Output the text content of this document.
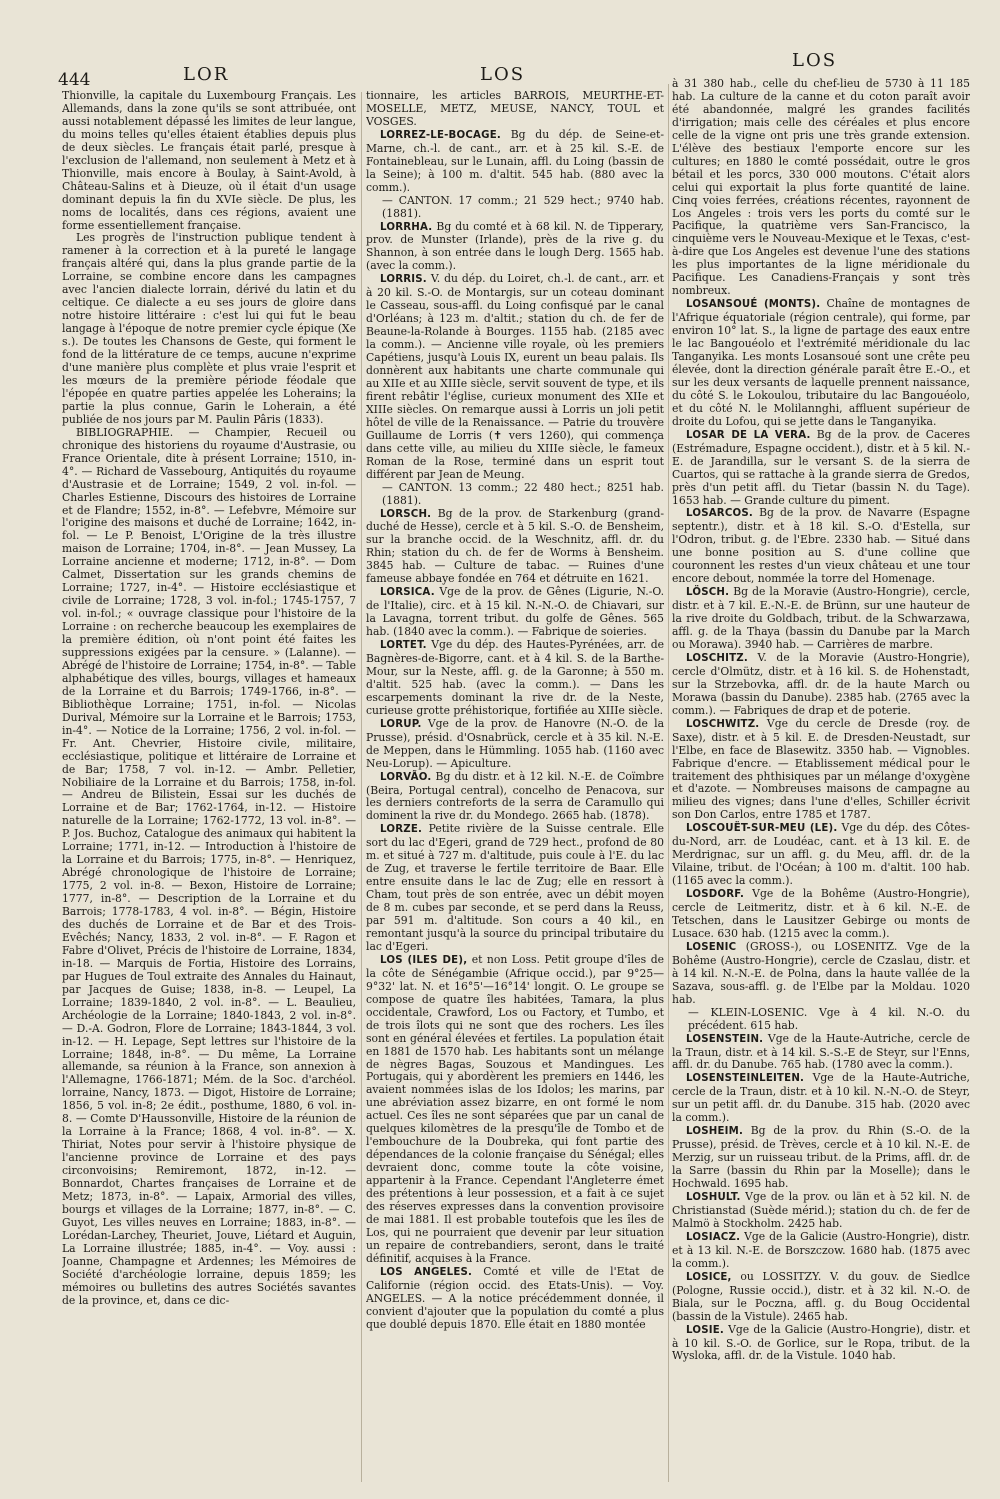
444	LOR	LOS
LOS

Thionville, la capitale du Luxembourg Français. Les Allemands, dans la zone qu'ils se sont attribuée, ont aussi notablement dépassé les limites de leur langue, du moins telles qu'elles étaient établies depuis plus de deux siècles. Le français était parlé, presque à l'exclusion de l'allemand, non seulement à Metz et à Thionville, mais encore à Boulay, à Saint-Avold, à Château-Salins et à Dieuze, où il était d'un usage dominant depuis la fin du XVIe siècle. De plus, les noms de localités, dans ces régions, avaient une forme essentiellement française.

Les progrès de l'instruction publique tendent à ramener à la correction et à la pureté le langage français altéré qui, dans la plus grande partie de la Lorraine, se combine encore dans les campagnes avec l'ancien dialecte lorrain, dérivé du latin et du celtique. Ce dialecte a eu ses jours de gloire dans notre histoire littéraire : c'est lui qui fut le beau langage à l'époque de notre premier cycle épique (Xe s.). De toutes les Chansons de Geste, qui forment le fond de la littérature de ce temps, aucune n'exprime d'une manière plus complète et plus vraie l'esprit et les mœurs de la première période féodale que l'épopée en quatre parties appelée les Loherains; la partie la plus connue, Garin le Loherain, a été publiée de nos jours par M. Paulin Pâris (1833).

BIBLIOGRAPHIE. — Champier, Recueil ou chronique des historiens du royaume d'Austrasie, ou France Orientale, dite à présent Lorraine; 1510, in-4°. — Richard de Vassebourg, Antiquités du royaume d'Austrasie et de Lorraine; 1549, 2 vol. in-fol. — Charles Estienne, Discours des histoires de Lorraine et de Flandre; 1552, in-8°. — Lefebvre, Mémoire sur l'origine des maisons et duché de Lorraine; 1642, in-fol. — Le P. Benoist, L'Origine de la très illustre maison de Lorraine; 1704, in-8°. — Jean Mussey, La Lorraine ancienne et moderne; 1712, in-8°. — Dom Calmet, Dissertation sur les grands chemins de Lorraine; 1727, in-4°. — Histoire ecclésiastique et civile de Lorraine; 1728, 3 vol. in-fol.; 1745-1757, 7 vol. in-fol.; « ouvrage classique pour l'histoire de la Lorraine : on recherche beaucoup les exemplaires de la première édition, où n'ont point été faites les suppressions exigées par la censure. » (Lalanne). — Abrégé de l'histoire de Lorraine; 1754, in-8°. — Table alphabétique des villes, bourgs, villages et hameaux de la Lorraine et du Barrois; 1749-1766, in-8°. — Bibliothèque Lorraine; 1751, in-fol. — Nicolas Durival, Mémoire sur la Lorraine et le Barrois; 1753, in-4°. — Notice de la Lorraine; 1756, 2 vol. in-fol. — Fr. Ant. Chevrier, Histoire civile, militaire, ecclésiastique, politique et littéraire de Lorraine et de Bar; 1758, 7 vol. in-12. — Ambr. Pelletier, Nobiliaire de la Lorraine et du Barrois; 1758, in-fol. — Andreu de Bilistein, Essai sur les duchés de Lorraine et de Bar; 1762-1764, in-12. — Histoire naturelle de la Lorraine; 1762-1772, 13 vol. in-8°. — P. Jos. Buchoz, Catalogue des animaux qui habitent la Lorraine; 1771, in-12. — Introduction à l'histoire de la Lorraine et du Barrois; 1775, in-8°. — Henriquez, Abrégé chronologique de l'histoire de Lorraine; 1775, 2 vol. in-8. — Bexon, Histoire de Lorraine; 1777, in-8°. — Description de la Lorraine et du Barrois; 1778-1783, 4 vol. in-8°. — Bégin, Histoire des duchés de Lorraine et de Bar et des Trois-Evêchés; Nancy, 1833, 2 vol. in-8°. — F. Ragon et Fabre d'Olivet, Précis de l'histoire de Lorraine, 1834, in-18. — Marquis de Fortia, Histoire des Lorrains, par Hugues de Toul extraite des Annales du Hainaut, par Jacques de Guise; 1838, in-8. — Leupel, La Lorraine; 1839-1840, 2 vol. in-8°. — L. Beaulieu, Archéologie de la Lorraine; 1840-1843, 2 vol. in-8°. — D.-A. Godron, Flore de Lorraine; 1843-1844, 3 vol. in-12. — H. Lepage, Sept lettres sur l'histoire de la Lorraine; 1848, in-8°. — Du même, La Lorraine allemande, sa réunion à la France, son annexion à l'Allemagne, 1766-1871; Mém. de la Soc. d'archéol. lorraine, Nancy, 1873. — Digot, Histoire de Lorraine; 1856, 5 vol. in-8; 2e édit., posthume, 1880, 6 vol. in-8. — Comte D'Haussonville, Histoire de la réunion de la Lorraine à la France; 1868, 4 vol. in-8°. — X. Thiriat, Notes pour servir à l'histoire physique de l'ancienne province de Lorraine et des pays circonvoisins; Remiremont, 1872, in-12. — Bonnardot, Chartes françaises de Lorraine et de Metz; 1873, in-8°. — Lapaix, Armorial des villes, bourgs et villages de la Lorraine; 1877, in-8°. — C. Guyot, Les villes neuves en Lorraine; 1883, in-8°. — Lorédan-Larchey, Theuriet, Jouve, Liétard et Auguin, La Lorraine illustrée; 1885, in-4°. — Voy. aussi : Joanne, Champagne et Ardennes; les Mémoires de Société d'archéologie lorraine, depuis 1859; les mémoires ou bulletins des autres Sociétés savantes de la province, et, dans ce dic-

tionnaire, les articles BARROIS, MEURTHE-ET-MOSELLE, METZ, MEUSE, NANCY, TOUL et VOSGES.

LORREZ-LE-BOCAGE. Bg du dép. de Seine-et-Marne, ch.-l. de cant., arr. et à 25 kil. S.-E. de Fontainebleau, sur le Lunain, affl. du Loing (bassin de la Seine); à 100 m. d'altit. 545 hab. (880 avec la comm.).

— CANTON. 17 comm.; 21 529 hect.; 9740 hab. (1881).

LORRHA. Bg du comté et à 68 kil. N. de Tipperary, prov. de Munster (Irlande), près de la rive g. du Shannon, à son entrée dans le lough Derg. 1565 hab. (avec la comm.).

LORRIS. V. du dép. du Loiret, ch.-l. de cant., arr. et à 20 kil. S.-O. de Montargis, sur un coteau dominant le Casseau, sous-affl. du Loing confisqué par le canal d'Orléans; à 123 m. d'altit.; station du ch. de fer de Beaune-la-Rolande à Bourges. 1155 hab. (2185 avec la comm.). — Ancienne ville royale, où les premiers Capétiens, jusqu'à Louis IX, eurent un beau palais. Ils donnèrent aux habitants une charte communale qui au XIIe et au XIIIe siècle, servit souvent de type, et ils firent rebâtir l'église, curieux monument des XIIe et XIIIe siècles. On remarque aussi à Lorris un joli petit hôtel de ville de la Renaissance. — Patrie du trouvère Guillaume de Lorris (✝ vers 1260), qui commença dans cette ville, au milieu du XIIIe siècle, le fameux Roman de la Rose, terminé dans un esprit tout différent par Jean de Meung.

— CANTON. 13 comm.; 22 480 hect.; 8251 hab. (1881).

LORSCH. Bg de la prov. de Starkenburg (grand-duché de Hesse), cercle et à 5 kil. S.-O. de Bensheim, sur la branche occid. de la Weschnitz, affl. dr. du Rhin; station du ch. de fer de Worms à Bensheim. 3845 hab. — Culture de tabac. — Ruines d'une fameuse abbaye fondée en 764 et détruite en 1621.

LORSICA. Vge de la prov. de Gênes (Ligurie, N.-O. de l'Italie), circ. et à 15 kil. N.-N.-O. de Chiavari, sur la Lavagna, torrent tribut. du golfe de Gênes. 565 hab. (1840 avec la comm.). — Fabrique de soieries.

LORTET. Vge du dép. des Hautes-Pyrénées, arr. de Bagnères-de-Bigorre, cant. et à 4 kil. S. de la Barthe-Mour, sur la Neste, affl. g. de la Garonne; à 550 m. d'altit. 525 hab. (avec la comm.). — Dans les escarpements dominant la rive dr. de la Neste, curieuse grotte préhistorique, fortifiée au XIIIe siècle.

LORUP. Vge de la prov. de Hanovre (N.-O. de la Prusse), présid. d'Osnabrück, cercle et à 35 kil. N.-E. de Meppen, dans le Hümmling. 1055 hab. (1160 avec Neu-Lorup). — Apiculture.

LORVÃO. Bg du distr. et à 12 kil. N.-E. de Coïmbre (Beira, Portugal central), concelho de Penacova, sur les derniers contreforts de la serra de Caramullo qui dominent la rive dr. du Mondego. 2665 hab. (1878).

LORZE. Petite rivière de la Suisse centrale. Elle sort du lac d'Egeri, grand de 729 hect., profond de 80 m. et situé à 727 m. d'altitude, puis coule à l'E. du lac de Zug, et traverse le fertile territoire de Baar. Elle entre ensuite dans le lac de Zug; elle en ressort à Cham, tout près de son entrée, avec un débit moyen de 8 m. cubes par seconde, et se perd dans la Reuss, par 591 m. d'altitude. Son cours a 40 kil., en remontant jusqu'à la source du principal tributaire du lac d'Egeri.

LOS (ILES DE), et non Loss. Petit groupe d'îles de la côte de Sénégambie (Afrique occid.), par 9°25—9°32' lat. N. et 16°5'—16°14' longit. O. Le groupe se compose de quatre îles habitées, Tamara, la plus occidentale, Crawford, Los ou Factory, et Tumbo, et de trois îlots qui ne sont que des rochers. Les îles sont en général élevées et fertiles. La population était en 1881 de 1570 hab. Les habitants sont un mélange de nègres Bagas, Souzous et Mandingues. Les Portugais, qui y abordèrent les premiers en 1446, les avaient nommées islas de los Idolos; les marins, par une abréviation assez bizarre, en ont formé le nom actuel. Ces îles ne sont séparées que par un canal de quelques kilomètres de la presqu'île de Tombo et de l'embouchure de la Doubreka, qui font partie des dépendances de la colonie française du Sénégal; elles devraient donc, comme toute la côte voisine, appartenir à la France. Cependant l'Angleterre émet des prétentions à leur possession, et a fait à ce sujet des réserves expresses dans la convention provisoire de mai 1881. Il est probable toutefois que les îles de Los, qui ne pourraient que devenir par leur situation un repaire de contrebandiers, seront, dans le traité définitif, acquises à la France.

LOS ANGELES. Comté et ville de l'Etat de Californie (région occid. des Etats-Unis). — Voy. ANGELES. — A la notice précédemment donnée, il convient d'ajouter que la population du comté a plus que doublé depuis 1870. Elle était en 1880 montée

à 31 380 hab., celle du chef-lieu de 5730 à 11 185 hab. La culture de la canne et du coton paraît avoir été abandonnée, malgré les grandes facilités d'irrigation; mais celle des céréales et plus encore celle de la vigne ont pris une très grande extension. L'élève des bestiaux l'emporte encore sur les cultures; en 1880 le comté possédait, outre le gros bétail et les porcs, 330 000 moutons. C'était alors celui qui exportait la plus forte quantité de laine. Cinq voies ferrées, créations récentes, rayonnent de Los Angeles : trois vers les ports du comté sur le Pacifique, la quatrième vers San-Francisco, la cinquième vers le Nouveau-Mexique et le Texas, c'est-à-dire que Los Angeles est devenue l'une des stations les plus importantes de la ligne méridionale du Pacifique. Les Canadiens-Français y sont très nombreux.

LOSANSOUÉ (MONTS). Chaîne de montagnes de l'Afrique équatoriale (région centrale), qui forme, par environ 10° lat. S., la ligne de partage des eaux entre le lac Bangouéolo et l'extrémité méridionale du lac Tanganyika. Les monts Losansoué sont une crête peu élevée, dont la direction générale paraît être E.-O., et sur les deux versants de laquelle prennent naissance, du côté S. le Lokoulou, tributaire du lac Bangouéolo, et du côté N. le Molilannghi, affluent supérieur de droite du Lofou, qui se jette dans le Tanganyika.

LOSAR DE LA VERA. Bg de la prov. de Caceres (Estrémadure, Espagne occident.), distr. et à 5 kil. N.-E. de Jarandilla, sur le versant S. de la sierra de Cuartos, qui se rattache à la grande sierra de Gredos, près d'un petit affl. du Tietar (bassin N. du Tage). 1653 hab. — Grande culture du piment.

LOSARCOS. Bg de la prov. de Navarre (Espagne septentr.), distr. et à 18 kil. S.-O. d'Estella, sur l'Odron, tribut. g. de l'Ebre. 2330 hab. — Situé dans une bonne position au S. d'une colline que couronnent les restes d'un vieux château et une tour encore debout, nommée la torre del Homenage.

LÖSCH. Bg de la Moravie (Austro-Hongrie), cercle, distr. et à 7 kil. E.-N.-E. de Brünn, sur une hauteur de la rive droite du Goldbach, tribut. de la Schwarzawa, affl. g. de la Thaya (bassin du Danube par la March ou Morawa). 3940 hab. — Carrières de marbre.

LOSCHITZ. V. de la Moravie (Austro-Hongrie), cercle d'Olmütz, distr. et à 16 kil. S. de Hohenstadt, sur la Strzebovka, affl. dr. de la haute March ou Morawa (bassin du Danube). 2385 hab. (2765 avec la comm.). — Fabriques de drap et de poterie.

LOSCHWITZ. Vge du cercle de Dresde (roy. de Saxe), distr. et à 5 kil. E. de Dresden-Neustadt, sur l'Elbe, en face de Blasewitz. 3350 hab. — Vignobles. Fabrique d'encre. — Etablissement médical pour le traitement des phthisiques par un mélange d'oxygène et d'azote. — Nombreuses maisons de campagne au milieu des vignes; dans l'une d'elles, Schiller écrivit son Don Carlos, entre 1785 et 1787.

LOSCOUËT-SUR-MEU (LE). Vge du dép. des Côtes-du-Nord, arr. de Loudéac, cant. et à 13 kil. E. de Merdrignac, sur un affl. g. du Meu, affl. dr. de la Vilaine, tribut. de l'Océan; à 100 m. d'altit. 100 hab. (1165 avec la comm.).

LOSDORF. Vge de la Bohême (Austro-Hongrie), cercle de Leitmeritz, distr. et à 6 kil. N.-E. de Tetschen, dans le Lausitzer Gebirge ou monts de Lusace. 630 hab. (1215 avec la comm.).

LOSENIC (GROSS-), ou LOSENITZ. Vge de la Bohême (Austro-Hongrie), cercle de Czaslau, distr. et à 14 kil. N.-N.-E. de Polna, dans la haute vallée de la Sazava, sous-affl. g. de l'Elbe par la Moldau. 1020 hab.

— KLEIN-LOSENIC. Vge à 4 kil. N.-O. du précédent. 615 hab.

LOSENSTEIN. Vge de la Haute-Autriche, cercle de la Traun, distr. et à 14 kil. S.-S.-E de Steyr, sur l'Enns, affl. dr. du Danube. 765 hab. (1780 avec la comm.).

LOSENSTEINLEITEN. Vge de la Haute-Autriche, cercle de la Traun, distr. et à 10 kil. N.-N.-O. de Steyr, sur un petit affl. dr. du Danube. 315 hab. (2020 avec la comm.).

LOSHEIM. Bg de la prov. du Rhin (S.-O. de la Prusse), présid. de Trèves, cercle et à 10 kil. N.-E. de Merzig, sur un ruisseau tribut. de la Prims, affl. dr. de la Sarre (bassin du Rhin par la Moselle); dans le Hochwald. 1695 hab.

LOSHULT. Vge de la prov. ou län et à 52 kil. N. de Christianstad (Suède mérid.); station du ch. de fer de Malmö à Stockholm. 2425 hab.

LOSIACZ. Vge de la Galicie (Austro-Hongrie), distr. et à 13 kil. N.-E. de Borszczow. 1680 hab. (1875 avec la comm.).

LOSICE, ou LOSSITZY. V. du gouv. de Siedlce (Pologne, Russie occid.), distr. et à 32 kil. N.-O. de Biala, sur le Poczna, affl. g. du Boug Occidental (bassin de la Vistule). 2465 hab.

LOSIE. Vge de la Galicie (Austro-Hongrie), distr. et à 10 kil. S.-O. de Gorlice, sur le Ropa, tribut. de la Wysloka, affl. dr. de la Vistule. 1040 hab.
